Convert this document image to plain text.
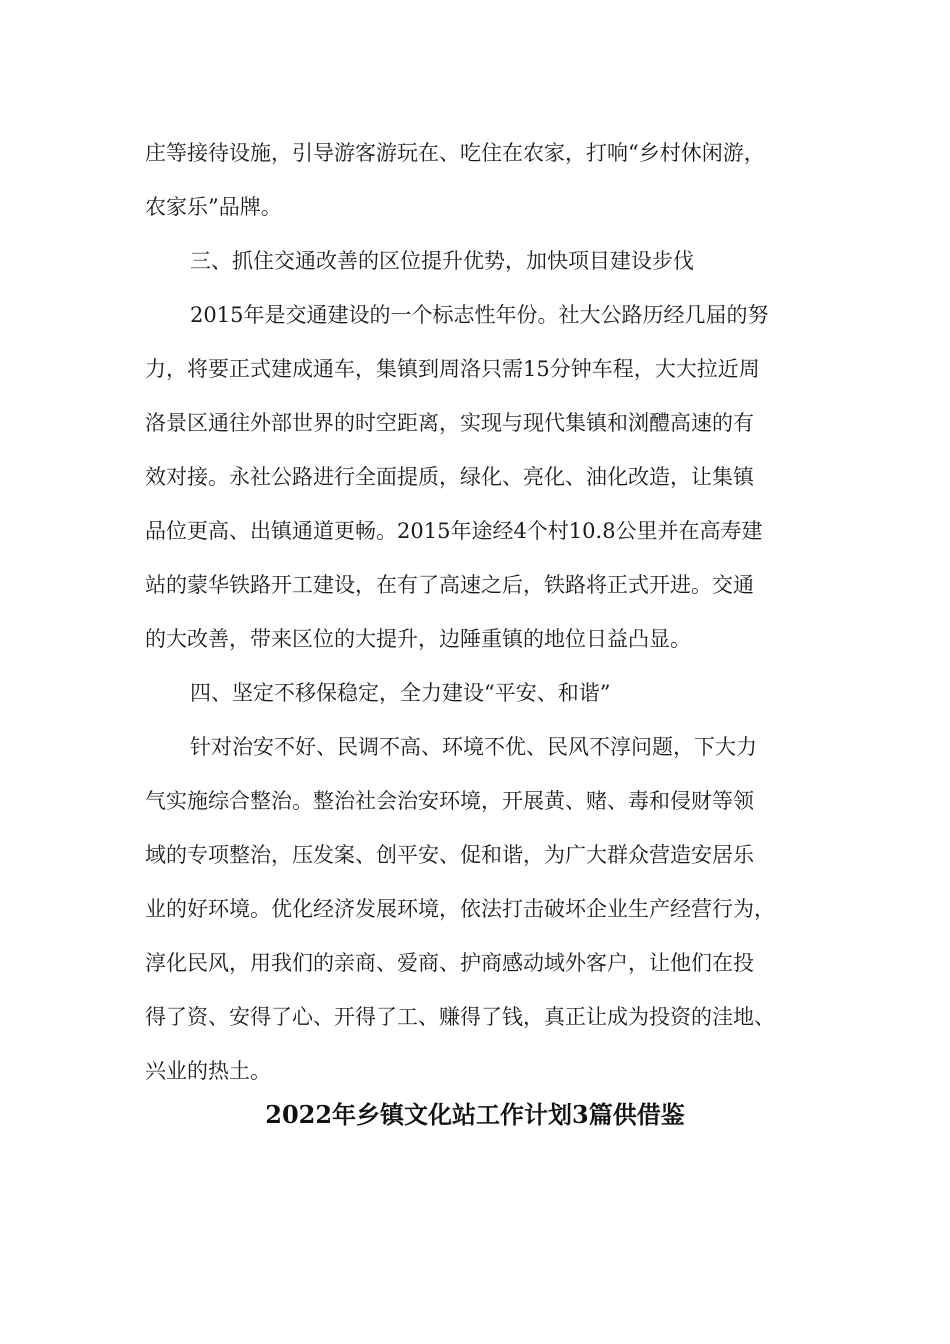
庄等接待设施，引导游客游玩在、吃住在农家，打响“乡村休闲游，
农家乐”品牌。
三、抓住交通改善的区位提升优势，加快项目建设步伐
2015年是交通建设的一个标志性年份。社大公路历经几届的努
力，将要正式建成通车，集镇到周洛只需15分钟车程，大大拉近周
洛景区通往外部世界的时空距离，实现与现代集镇和浏醴高速的有
效对接。永社公路进行全面提质，绿化、亮化、油化改造，让集镇
品位更高、出镇通道更畅。2015年途经4个村10.8公里并在高寿建
站的蒙华铁路开工建设，在有了高速之后，铁路将正式开进。交通
的大改善，带来区位的大提升，边陲重镇的地位日益凸显。
四、坚定不移保稳定，全力建设“平安、和谐”
针对治安不好、民调不高、环境不优、民风不淳问题，下大力
气实施综合整治。整治社会治安环境，开展黄、赌、毒和侵财等领
域的专项整治，压发案、创平安、促和谐，为广大群众营造安居乐
业的好环境。优化经济发展环境，依法打击破坏企业生产经营行为，
淳化民风，用我们的亲商、爱商、护商感动域外客户，让他们在投
得了资、安得了心、开得了工、赚得了钱，真正让成为投资的洼地、
兴业的热土。
2022年乡镇文化站工作计划3篇供借鉴
